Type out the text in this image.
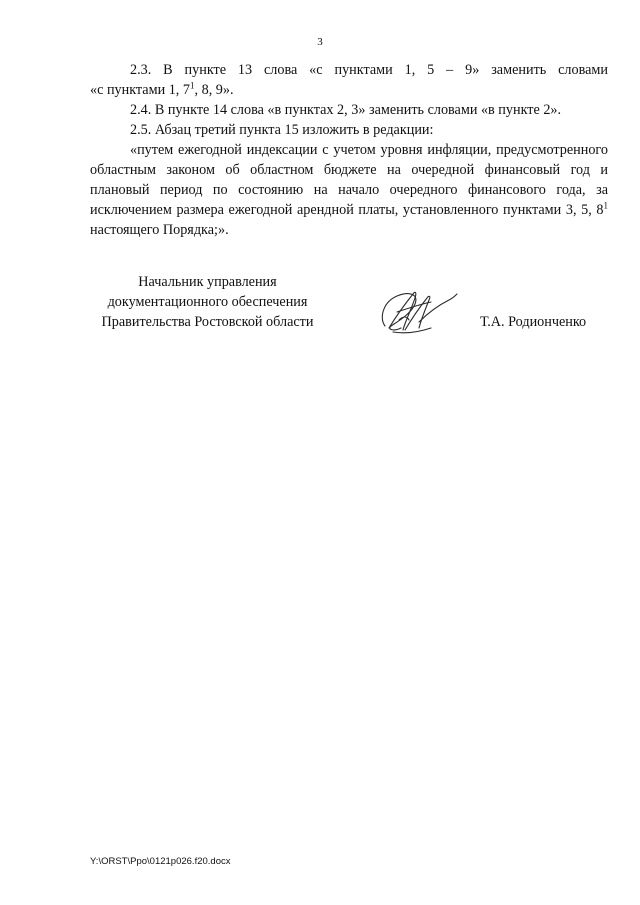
3

2.3. В пункте 13 слова «с пунктами 1, 5 – 9» заменить словами

«с пунктами 1, $7^1$, 8, 9».

2.4. В пункте 14 слова «в пунктах 2, 3» заменить словами «в пункте 2».

2.5. Абзац третий пункта 15 изложить в редакции:

«путем ежегодной индексации с учетом уровня инфляции, предусмотренного областным законом об областном бюджете на очередной финансовый год и плановый период по состоянию на начало очередного финансового года, за исключением размера ежегодной арендной платы, установленного пунктами 3, 5, $8^1$ настоящего Порядка;».

Начальник управления
документационного обеспечения
Правительства Ростовской области	Т.А. Родионченко
Y:\ORST\Ppo\0121p026.f20.docx
